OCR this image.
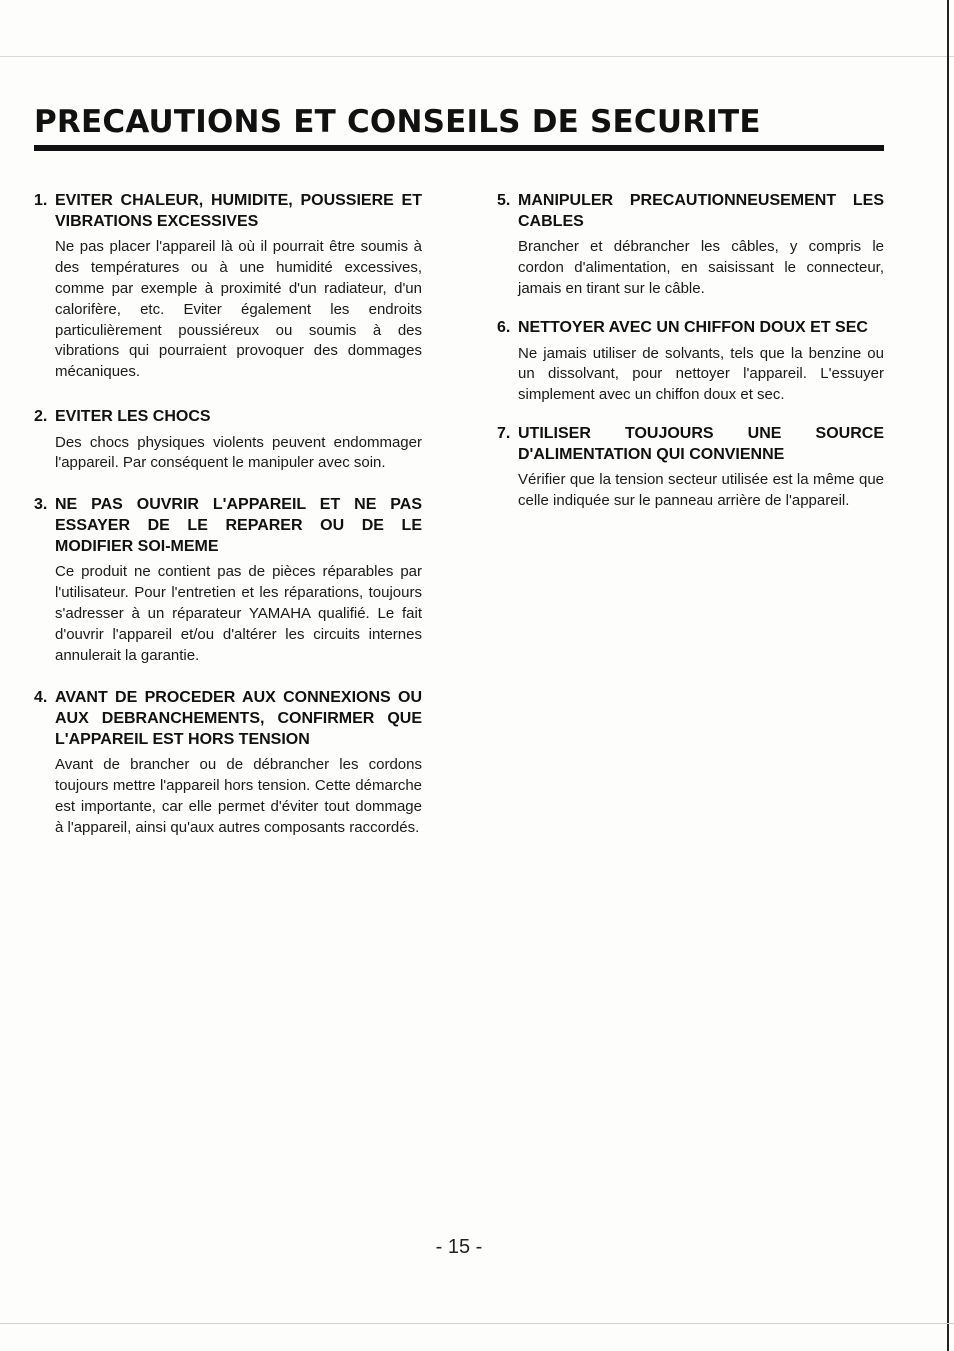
PRECAUTIONS ET CONSEILS DE SECURITE
1. EVITER CHALEUR, HUMIDITE, POUSSIERE ET VIBRATIONS EXCESSIVES

Ne pas placer l'appareil là où il pourrait être soumis à des températures ou à une humidité excessives, comme par exemple à proximité d'un radiateur, d'un calorifère, etc. Eviter également les endroits particulièrement poussiéreux ou soumis à des vibrations qui pourraient provoquer des dommages mécaniques.

2. EVITER LES CHOCS

Des chocs physiques violents peuvent endommager l'appareil. Par conséquent le manipuler avec soin.

3. NE PAS OUVRIR L'APPAREIL ET NE PAS ESSAYER DE LE REPARER OU DE LE MODIFIER SOI-MEME

Ce produit ne contient pas de pièces réparables par l'utilisateur. Pour l'entretien et les réparations, toujours s'adresser à un réparateur YAMAHA qualifié. Le fait d'ouvrir l'appareil et/ou d'altérer les circuits internes annulerait la garantie.

4. AVANT DE PROCEDER AUX CONNEXIONS OU AUX DEBRANCHEMENTS, CONFIRMER QUE L'APPAREIL EST HORS TENSION

Avant de brancher ou de débrancher les cordons toujours mettre l'appareil hors tension. Cette démarche est importante, car elle permet d'éviter tout dommage à l'appareil, ainsi qu'aux autres composants raccordés.

5. MANIPULER PRECAUTIONNEUSEMENT LES CABLES

Brancher et débrancher les câbles, y compris le cordon d'alimentation, en saisissant le connecteur, jamais en tirant sur le câble.

6. NETTOYER AVEC UN CHIFFON DOUX ET SEC

Ne jamais utiliser de solvants, tels que la benzine ou un dissolvant, pour nettoyer l'appareil. L'essuyer simplement avec un chiffon doux et sec.

7. UTILISER TOUJOURS UNE SOURCE D'ALIMENTATION QUI CONVIENNE

Vérifier que la tension secteur utilisée est la même que celle indiquée sur le panneau arrière de l'appareil.

- 15 -
